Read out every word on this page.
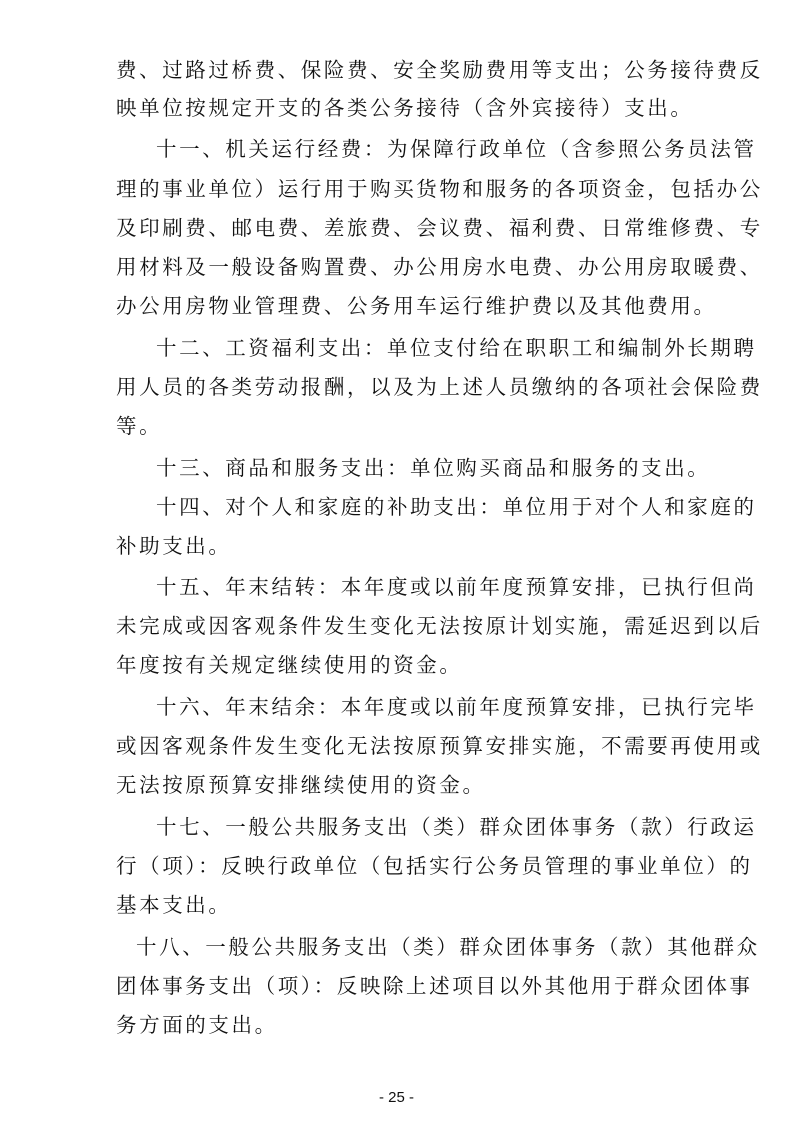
费、过路过桥费、保险费、安全奖励费用等支出；公务接待费反
映单位按规定开支的各类公务接待（含外宾接待）支出。
十一、机关运行经费：为保障行政单位（含参照公务员法管
理的事业单位）运行用于购买货物和服务的各项资金，包括办公
及印刷费、邮电费、差旅费、会议费、福利费、日常维修费、专
用材料及一般设备购置费、办公用房水电费、办公用房取暖费、
办公用房物业管理费、公务用车运行维护费以及其他费用。
十二、工资福利支出：单位支付给在职职工和编制外长期聘
用人员的各类劳动报酬，以及为上述人员缴纳的各项社会保险费
等。
十三、商品和服务支出：单位购买商品和服务的支出。
十四、对个人和家庭的补助支出：单位用于对个人和家庭的
补助支出。
十五、年末结转：本年度或以前年度预算安排，已执行但尚
未完成或因客观条件发生变化无法按原计划实施，需延迟到以后
年度按有关规定继续使用的资金。
十六、年末结余：本年度或以前年度预算安排，已执行完毕
或因客观条件发生变化无法按原预算安排实施，不需要再使用或
无法按原预算安排继续使用的资金。
十七、一般公共服务支出（类）群众团体事务（款）行政运
行（项）：反映行政单位（包括实行公务员管理的事业单位）的
基本支出。
十八、一般公共服务支出（类）群众团体事务（款）其他群众
团体事务支出（项）：反映除上述项目以外其他用于群众团体事
务方面的支出。
- 25 -
